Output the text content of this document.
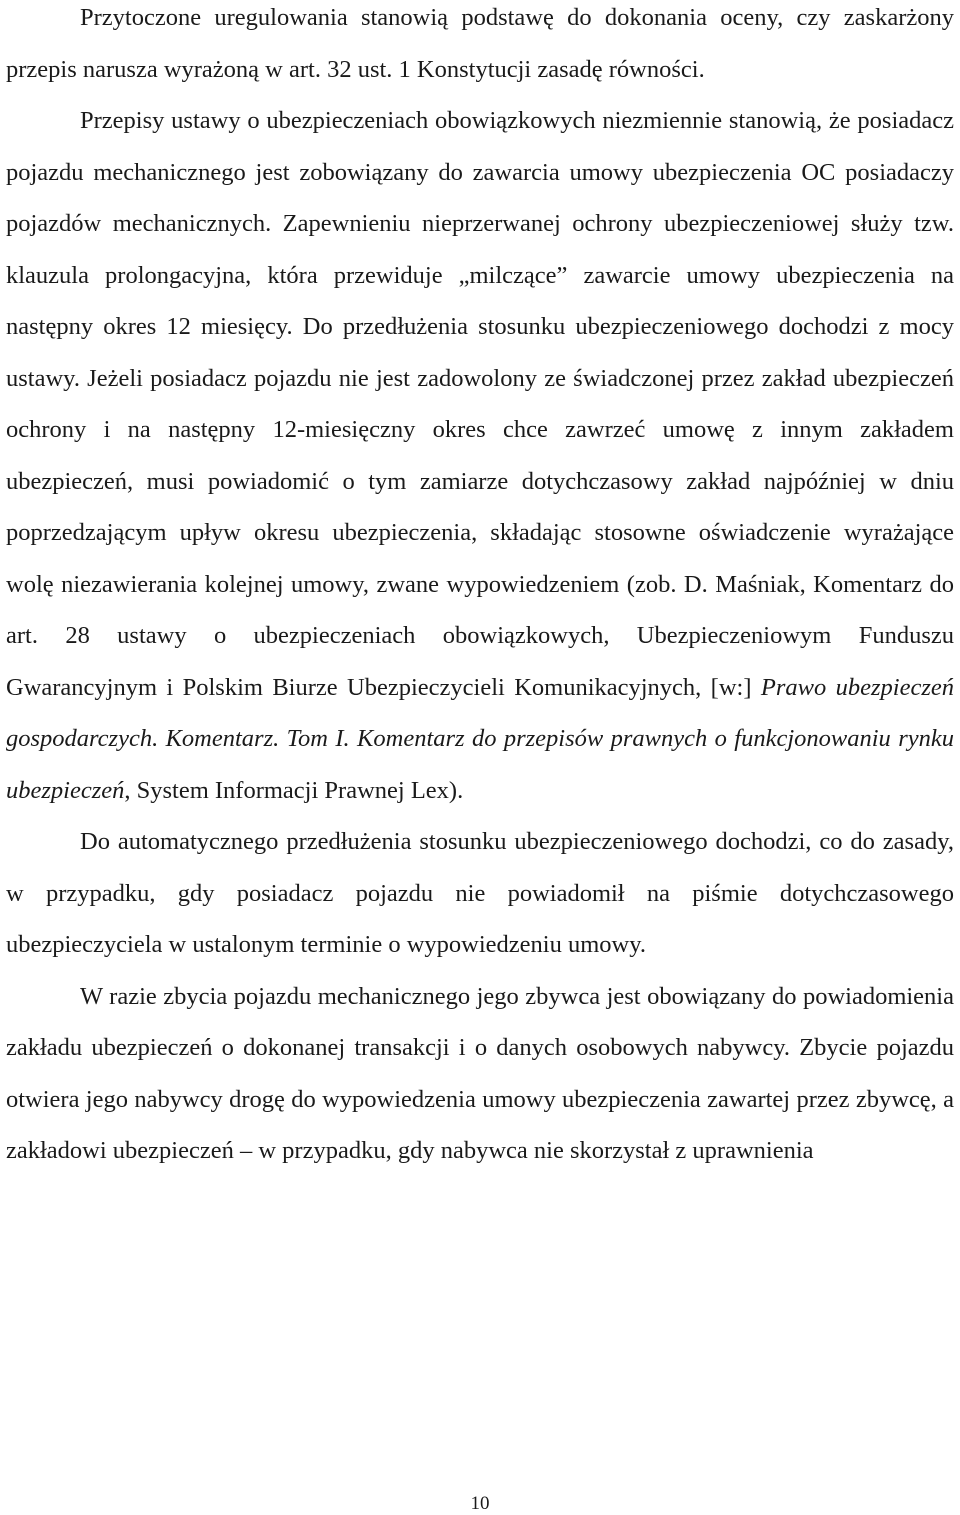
Przytoczone uregulowania stanowią podstawę do dokonania oceny, czy zaskarżony przepis narusza wyrażoną w art. 32 ust. 1 Konstytucji zasadę równości.

Przepisy ustawy o ubezpieczeniach obowiązkowych niezmiennie stanowią, że posiadacz pojazdu mechanicznego jest zobowiązany do zawarcia umowy ubezpieczenia OC posiadaczy pojazdów mechanicznych. Zapewnieniu nieprzerwanej ochrony ubezpieczeniowej służy tzw. klauzula prolongacyjna, która przewiduje „milczące” zawarcie umowy ubezpieczenia na następny okres 12 miesięcy. Do przedłużenia stosunku ubezpieczeniowego dochodzi z mocy ustawy. Jeżeli posiadacz pojazdu nie jest zadowolony ze świadczonej przez zakład ubezpieczeń ochrony i na następny 12-miesięczny okres chce zawrzeć umowę z innym zakładem ubezpieczeń, musi powiadomić o tym zamiarze dotychczasowy zakład najpóźniej w dniu poprzedzającym upływ okresu ubezpieczenia, składając stosowne oświadczenie wyrażające wolę niezawierania kolejnej umowy, zwane wypowiedzeniem (zob. D. Maśniak, Komentarz do art. 28 ustawy o ubezpieczeniach obowiązkowych, Ubezpieczeniowym Funduszu Gwarancyjnym i Polskim Biurze Ubezpieczycieli Komunikacyjnych, [w:] Prawo ubezpieczeń gospodarczych. Komentarz. Tom I. Komentarz do przepisów prawnych o funkcjonowaniu rynku ubezpieczeń, System Informacji Prawnej Lex).

Do automatycznego przedłużenia stosunku ubezpieczeniowego dochodzi, co do zasady, w przypadku, gdy posiadacz pojazdu nie powiadomił na piśmie dotychczasowego ubezpieczyciela w ustalonym terminie o wypowiedzeniu umowy.

W razie zbycia pojazdu mechanicznego jego zbywca jest obowiązany do powiadomienia zakładu ubezpieczeń o dokonanej transakcji i o danych osobowych nabywcy. Zbycie pojazdu otwiera jego nabywcy drogę do wypowiedzenia umowy ubezpieczenia zawartej przez zbywcę, a zakładowi ubezpieczeń – w przypadku, gdy nabywca nie skorzystał z uprawnienia

10
